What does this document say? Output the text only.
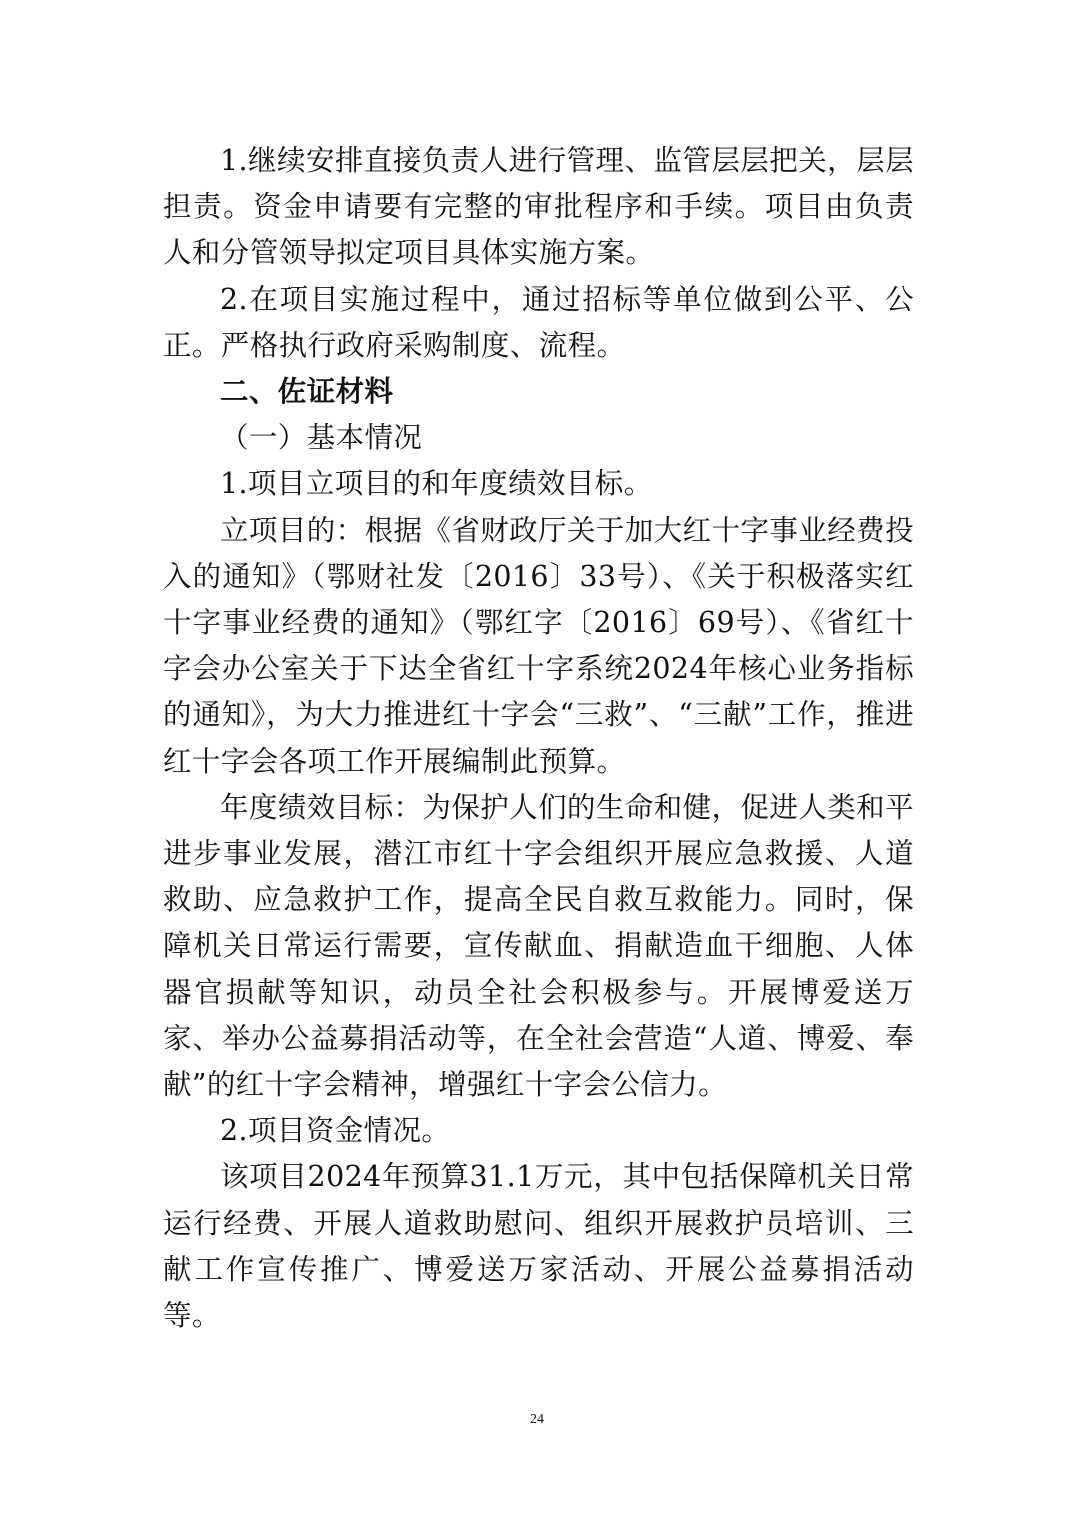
1.继续安排直接负责人进行管理、监管层层把关，层层担责。资金申请要有完整的审批程序和手续。项目由负责人和分管领导拟定项目具体实施方案。

2.在项目实施过程中，通过招标等单位做到公平、公正。严格执行政府采购制度、流程。

二、佐证材料

（一）基本情况

1.项目立项目的和年度绩效目标。

立项目的：根据《省财政厅关于加大红十字事业经费投入的通知》（鄂财社发〔2016〕33号）、《关于积极落实红十字事业经费的通知》（鄂红字〔2016〕69号）、《省红十字会办公室关于下达全省红十字系统2024年核心业务指标的通知》，为大力推进红十字会“三救”、“三献”工作，推进红十字会各项工作开展编制此预算。

年度绩效目标：为保护人们的生命和健，促进人类和平进步事业发展，潜江市红十字会组织开展应急救援、人道救助、应急救护工作，提高全民自救互救能力。同时，保障机关日常运行需要，宣传献血、捐献造血干细胞、人体器官损献等知识，动员全社会积极参与。开展博爱送万家、举办公益募捐活动等，在全社会营造“人道、博爱、奉献”的红十字会精神，增强红十字会公信力。

2.项目资金情况。

该项目2024年预算31.1万元，其中包括保障机关日常运行经费、开展人道救助慰问、组织开展救护员培训、三献工作宣传推广、博爱送万家活动、开展公益募捐活动等。

24
